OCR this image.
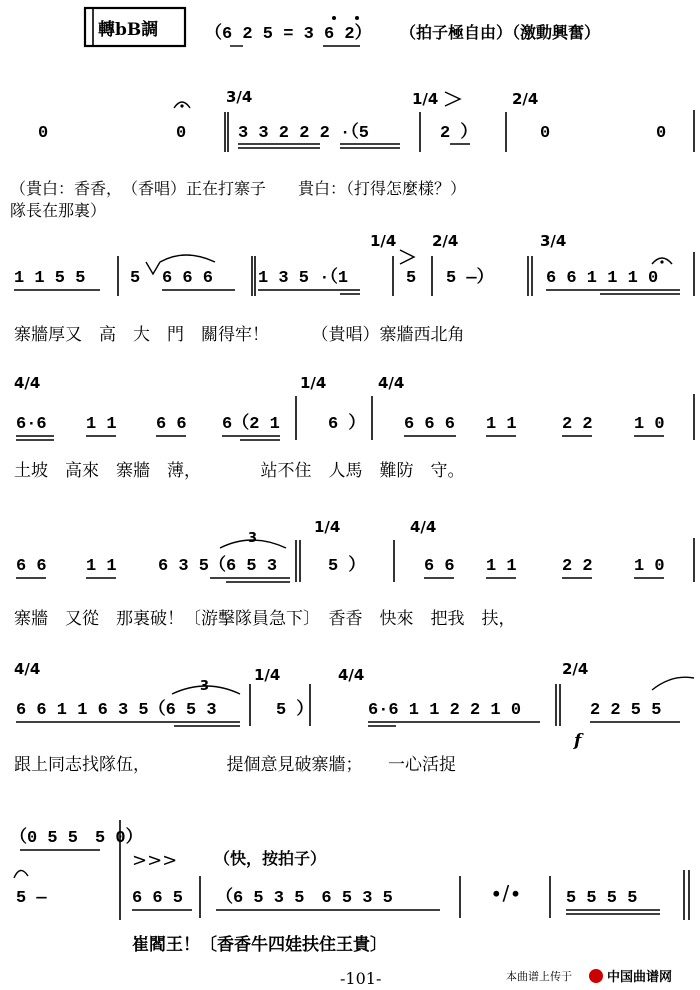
轉bB調	（6 2 5 = 3 6 2） （拍子極自由）（激動興奮）
3/4	1/4	2/4
0	0	3 3 2 2 2 ·（5	2 ）	0	0
（貴白：香香，　（香唱）正在打寨子　　貴白：（打得怎麼樣？）
隊長在那裏）
1/4 2/4	3/4
1 1 5 5	5 6 6 6	1 3 5 ·（1	5 5 —）	6 6 1 1 1 0
寨牆厚又　高　大　門　關得牢！　　　（貴唱）寨牆西北角
4/4	1/4	4/4
6·6 1 1 6 6 6（2 1	6 ） 6 6 6 1 1	2 2 1 0
土坡　高來　寨牆　薄，　　　　站不住　人馬　難防　守。
1/4	4/4
3
6 6 1 1 6 3 5（6 5 3	5 ）	6 6 1 1	2 2 1 0
寨牆　又從　那裏破！〔游擊隊員急下〕　香香　快來　把我　扶，
4/4	1/4	4/4	2/4
3
6 6 1 1 6 3 5（6 5 3	5 ）	6·6 1 1 2 2 1 0	2 2 5 5
f
跟上同志找隊伍，　　　　　提個意見破寨牆；　　一心活捉
（快，按拍子）
>>>
（0 5 5　5 0）
5 —	6 6 5 （6 5 3 5　6 5 3 5	5 5 5 5
∙/∙
崔閻王！〔香香牛四娃扶住王貴〕
-101-	本曲谱上传于	中国曲谱网
